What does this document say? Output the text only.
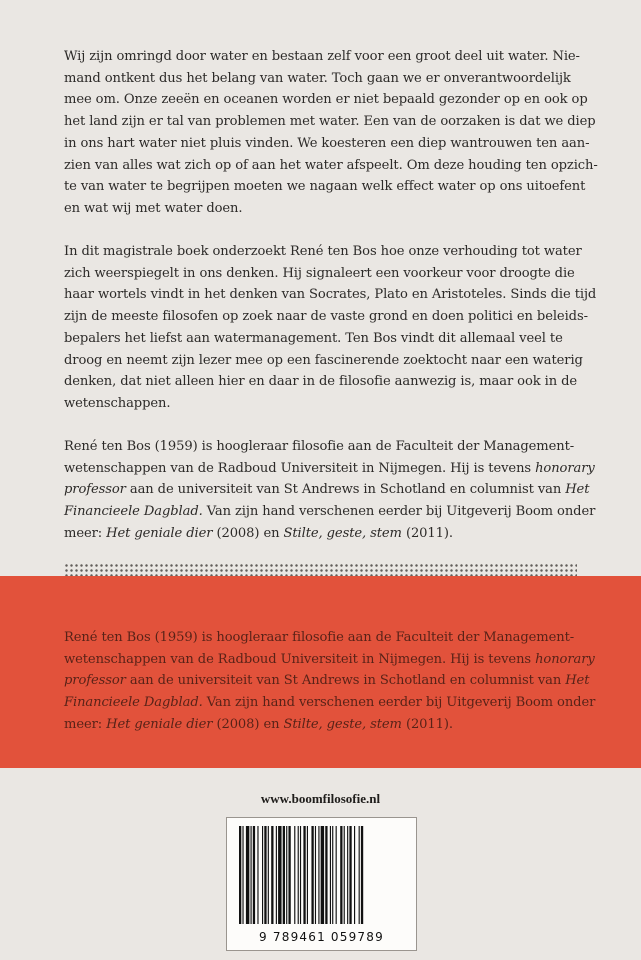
Wij zijn omringd door water en bestaan zelf voor een groot deel uit water. Nie-
mand ontkent dus het belang van water. Toch gaan we er onverantwoordelijk
mee om. Onze zeeën en oceanen worden er niet bepaald gezonder op en ook op
het land zijn er tal van problemen met water. Een van de oorzaken is dat we diep
in ons hart water niet pluis vinden. We koesteren een diep wantrouwen ten aan-
zien van alles wat zich op of aan het water afspeelt. Om deze houding ten opzich-
te van water te begrijpen moeten we nagaan welk effect water op ons uitoefent
en wat wij met water doen.

In dit magistrale boek onderzoekt René ten Bos hoe onze verhouding tot water
zich weerspiegelt in ons denken. Hij signaleert een voorkeur voor droogte die
haar wortels vindt in het denken van Socrates, Plato en Aristoteles. Sinds die tijd
zijn de meeste filosofen op zoek naar de vaste grond en doen politici en beleids-
bepalers het liefst aan watermanagement. Ten Bos vindt dit allemaal veel te
droog en neemt zijn lezer mee op een fascinerende zoektocht naar een waterig
denken, dat niet alleen hier en daar in de filosofie aanwezig is, maar ook in de
wetenschappen.

René ten Bos (1959) is hoogleraar filosofie aan de Faculteit der Management-
wetenschappen van de Radboud Universiteit in Nijmegen. Hij is tevens honorary
professor aan de universiteit van St Andrews in Schotland en columnist van Het
Financieele Dagblad. Van zijn hand verschenen eerder bij Uitgeverij Boom onder
meer: Het geniale dier (2008) en Stilte, geste, stem (2011).

René ten Bos (1959) is hoogleraar filosofie aan de Faculteit der Management-
wetenschappen van de Radboud Universiteit in Nijmegen. Hij is tevens honorary
professor aan de universiteit van St Andrews in Schotland en columnist van Het
Financieele Dagblad. Van zijn hand verschenen eerder bij Uitgeverij Boom onder
meer: Het geniale dier (2008) en Stilte, geste, stem (2011).

www.boomfilosofie.nl
9 789461 059789
